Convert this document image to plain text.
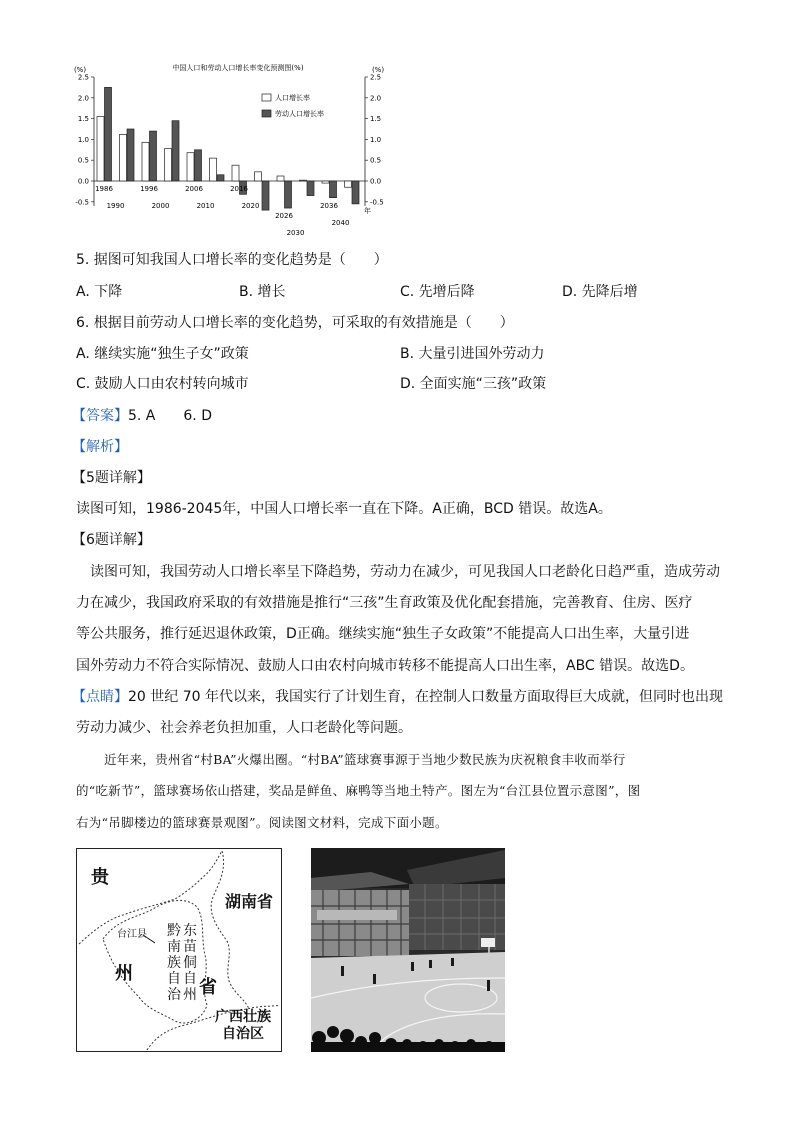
中国人口和劳动人口增长率变化预测图(%)
(%)	(%)
2.5
2.0
1.5
1.0
0.5
0.0
-0.5
2.5
2.0
1.5
1.0
0.5
0.0
-0.5
1986	1996	2006	2016
2026
2036
1990	2000	2010	2020
2030
2040
年
人口增长率
劳动人口增长率
5. 据图可知我国人口增长率的变化趋势是（　　）
A. 下降	B. 增长	C. 先增后降	D. 先降后增
6. 根据目前劳动人口增长率的变化趋势，可采取的有效措施是（　　）
A. 继续实施“独生子女”政策	B. 大量引进国外劳动力
C. 鼓励人口由农村转向城市	D. 全面实施“三孩”政策
【答案】5. A　　6. D
【解析】
【5题详解】
读图可知，1986-2045年，中国人口增长率一直在下降。A正确，BCD 错误。故选A。
【6题详解】
　读图可知，我国劳动人口增长率呈下降趋势，劳动力在减少，可见我国人口老龄化日趋严重，造成劳动
力在减少，我国政府采取的有效措施是推行“三孩”生育政策及优化配套措施，完善教育、住房、医疗
等公共服务，推行延迟退休政策，D正确。继续实施“独生子女政策”不能提高人口出生率，大量引进
国外劳动力不符合实际情况、鼓励人口由农村向城市转移不能提高人口出生率，ABC 错误。故选D。
【点睛】20 世纪 70 年代以来，我国实行了计划生育，在控制人口数量方面取得巨大成就，但同时也出现
劳动力减少、社会养老负担加重，人口老龄化等问题。
近年来，贵州省“村BA”火爆出圈。“村BA”篮球赛事源于当地少数民族为庆祝粮食丰收而举行
的“吃新节”，篮球赛场依山搭建，奖品是鲜鱼、麻鸭等当地土特产。图左为“台江县位置示意图”，图
右为“吊脚楼边的篮球赛景观图”。阅读图文材料，完成下面小题。
贵
州
省
湖南省
台江县 黔
南
族
自
治
东
苗
侗
自
州
广西壮族
自治区
